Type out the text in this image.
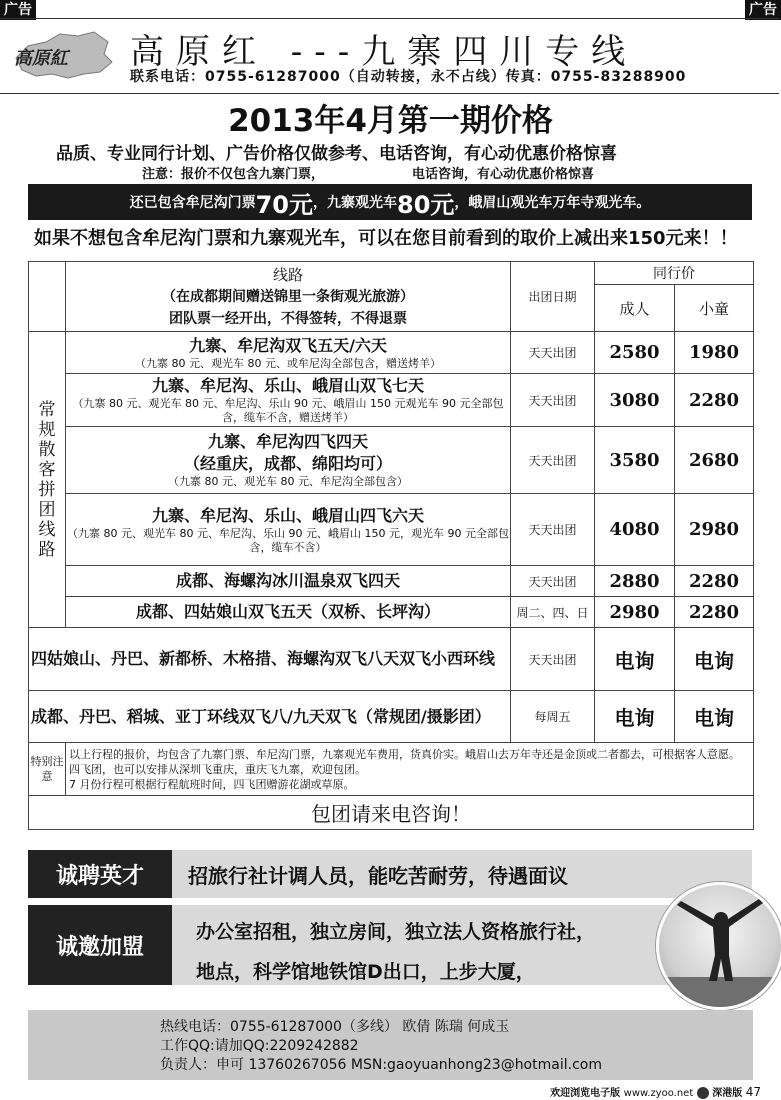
广告	广告
高原紅 高原红 ---九寨四川专线
联系电话：0755-61287000（自动转接，永不占线）传真：0755-83288900
2013年4月第一期价格
品质、专业同行计划、广告价格仅做参考、电话咨询，有心动优惠价格惊喜
注意：报价不仅包含九寨门票，	电话咨询，有心动优惠价格惊喜
还已包含牟尼沟门票 70元 ，九寨观光车 80元 ，峨眉山观光车万年寺观光车。
如果不想包含牟尼沟门票和九寨观光车，可以在您目前看到的取价上减出来150元来！！

	线路
（在成都期间赠送锦里一条街观光旅游）
团队票一经开出，不得签转，不得退票	出团日期	同行价	
			成人	小童

常规散客拼团线路	九寨、牟尼沟双飞五天/六天
（九寨 80 元、观光车 80 元、或牟尼沟全部包含，赠送烤羊）	天天出团	2580	1980

	九寨、牟尼沟、乐山、峨眉山双飞七天
（九寨 80 元、观光车 80 元、牟尼沟、乐山 90 元、峨眉山 150 元观光车 90 元全部包含，缆车不含，赠送烤羊）	天天出团	3080	2280

	九寨、牟尼沟四飞四天
（经重庆，成都、绵阳均可）
（九寨 80 元、观光车 80 元、牟尼沟全部包含）	天天出团	3580	2680

	九寨、牟尼沟、乐山、峨眉山四飞六天
（九寨 80 元、观光车 80 元、牟尼沟、乐山 90 元、峨眉山 150 元，观光车 90 元全部包含，缆车不含）	天天出团	4080	2980

	成都、海螺沟冰川温泉双飞四天	天天出团	2880	2280

	成都、四姑娘山双飞五天（双桥、长坪沟）	周二、四、日	2980	2280

四姑娘山、丹巴、新都桥、木格措、海螺沟双飞八天双飞小西环线		天天出团	电询	电询

成都、丹巴、稻城、亚丁环线双飞八/九天双飞（常规团/摄影团）		每周五	电询	电询
特别注意	以上行程的报价，均包含了九寨门票、牟尼沟门票，九寨观光车费用，货真价实。峨眉山去万年寺还是金顶或二者都去，可根据客人意愿。四飞团，也可以安排从深圳飞重庆，重庆飞九寨，欢迎包团。
7 月份行程可根据行程航班时间，四飞团赠游花湖或草原。			

包团请来电咨询！				
诚聘英才	招旅行社计调人员，能吃苦耐劳，待遇面议
诚邀加盟
办公室招租，独立房间，独立法人资格旅行社，
地点，科学馆地铁馆D出口，上步大厦，
热线电话：0755-61287000（多线） 欧倩 陈瑞 何成玉
工作QQ:请加QQ:2209242882
负责人：申可 13760267056 MSN:gaoyuanhong23@hotmail.com
欢迎浏览电子版 www.zyoo.net 深港版 47
